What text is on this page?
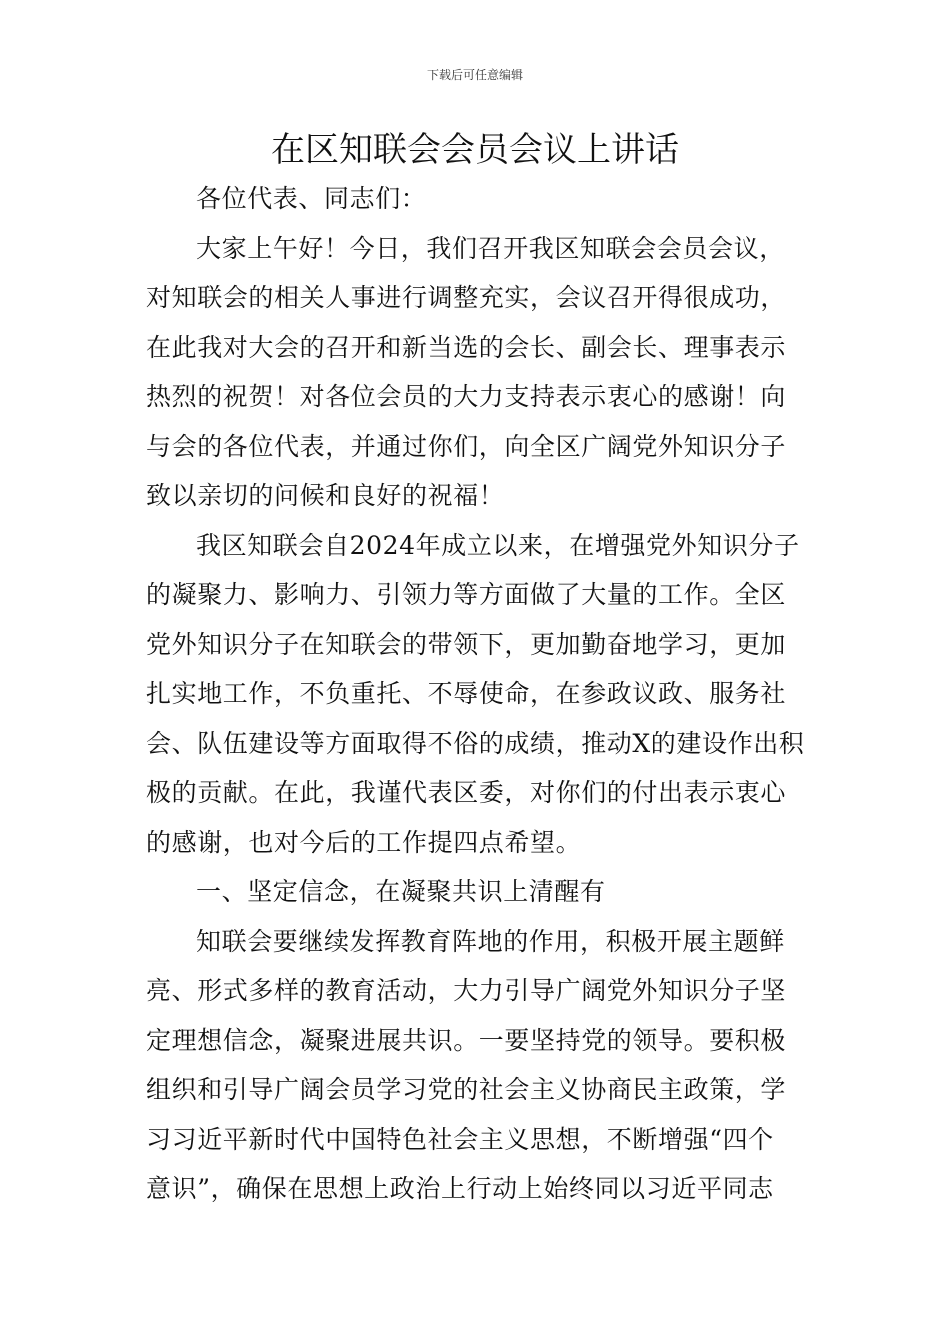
下载后可任意编辑
在区知联会会员会议上讲话
各位代表、同志们：
大家上午好！今日，我们召开我区知联会会员会议，
对知联会的相关人事进行调整充实，会议召开得很成功，
在此我对大会的召开和新当选的会长、副会长、理事表示
热烈的祝贺！对各位会员的大力支持表示衷心的感谢！向
与会的各位代表，并通过你们，向全区广阔党外知识分子
致以亲切的问候和良好的祝福！
我区知联会自2024年成立以来，在增强党外知识分子
的凝聚力、影响力、引领力等方面做了大量的工作。全区
党外知识分子在知联会的带领下，更加勤奋地学习，更加
扎实地工作，不负重托、不辱使命，在参政议政、服务社
会、队伍建设等方面取得不俗的成绩，推动X的建设作出积
极的贡献。在此，我谨代表区委，对你们的付出表示衷心
的感谢，也对今后的工作提四点希望。
一、坚定信念，在凝聚共识上清醒有
知联会要继续发挥教育阵地的作用，积极开展主题鲜
亮、形式多样的教育活动，大力引导广阔党外知识分子坚
定理想信念，凝聚进展共识。一要坚持党的领导。要积极
组织和引导广阔会员学习党的社会主义协商民主政策，学
习习近平新时代中国特色社会主义思想，不断增强“四个
意识”，确保在思想上政治上行动上始终同以习近平同志
